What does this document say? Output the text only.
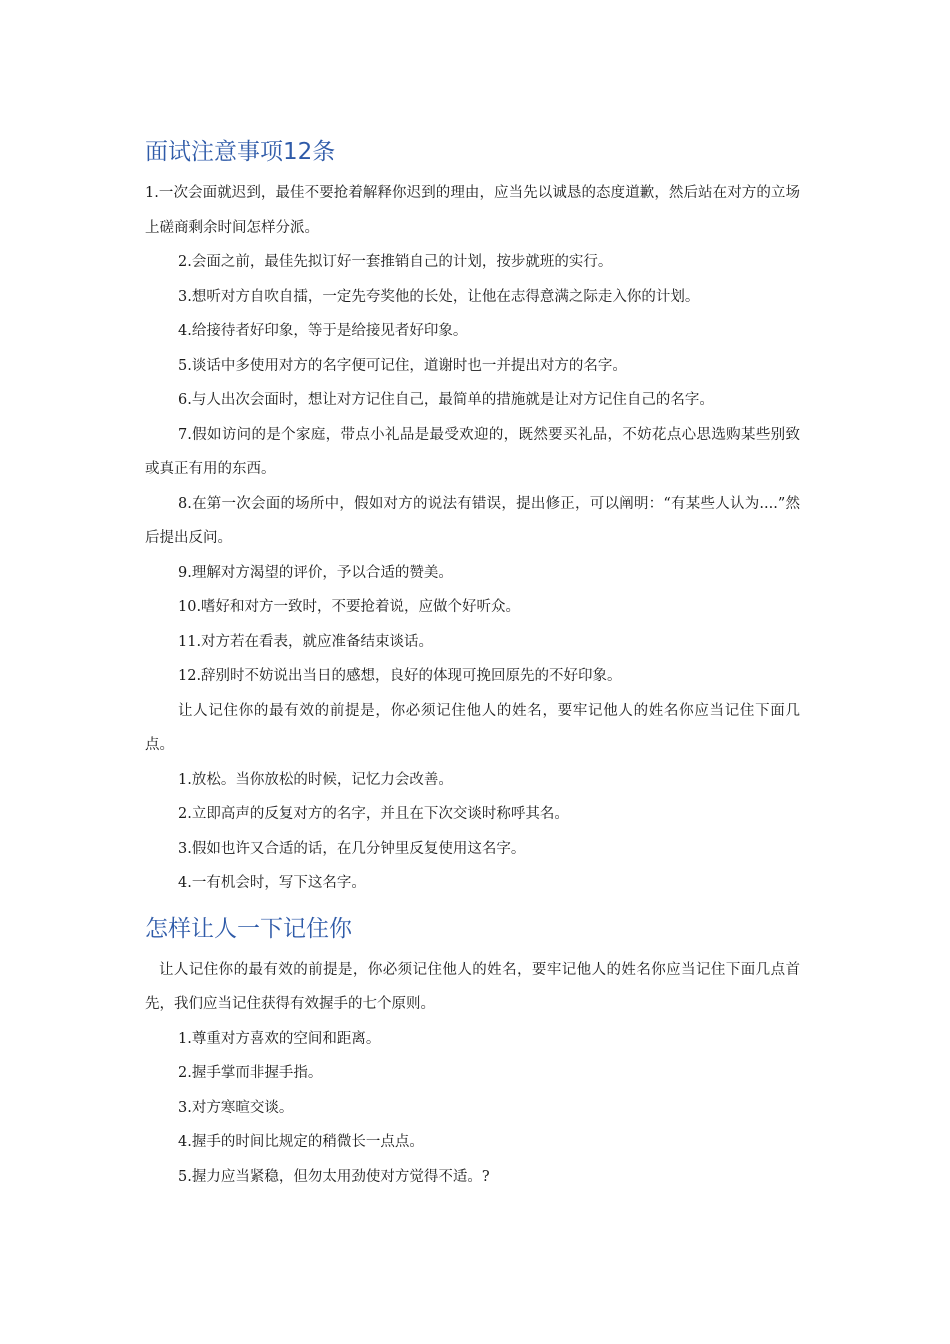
面试注意事项12条

1.一次会面就迟到，最佳不要抢着解释你迟到的理由，应当先以诚恳的态度道歉，然后站在对方的立场上磋商剩余时间怎样分派。

2.会面之前，最佳先拟订好一套推销自己的计划，按步就班的实行。

3.想听对方自吹自擂，一定先夸奖他的长处，让他在志得意满之际走入你的计划。

4.给接待者好印象，等于是给接见者好印象。

5.谈话中多使用对方的名字便可记住，道谢时也一并提出对方的名字。

6.与人出次会面时，想让对方记住自己，最简单的措施就是让对方记住自己的名字。

7.假如访问的是个家庭，带点小礼品是最受欢迎的，既然要买礼品，不妨花点心思选购某些别致或真正有用的东西。

8.在第一次会面的场所中，假如对方的说法有错误，提出修正，可以阐明：“有某些人认为....”然后提出反问。

9.理解对方渴望的评价，予以合适的赞美。

10.嗜好和对方一致时，不要抢着说，应做个好听众。

11.对方若在看表，就应准备结束谈话。

12.辞别时不妨说出当日的感想，良好的体现可挽回原先的不好印象。

让人记住你的最有效的前提是，你必须记住他人的姓名，要牢记他人的姓名你应当记住下面几点。

1.放松。当你放松的时候，记忆力会改善。

2.立即高声的反复对方的名字，并且在下次交谈时称呼其名。

3.假如也许又合适的话，在几分钟里反复使用这名字。

4.一有机会时，写下这名字。

怎样让人一下记住你

让人记住你的最有效的前提是，你必须记住他人的姓名，要牢记他人的姓名你应当记住下面几点首先，我们应当记住获得有效握手的七个原则。

1.尊重对方喜欢的空间和距离。

2.握手掌而非握手指。

3.对方寒暄交谈。

4.握手的时间比规定的稍微长一点点。

5.握力应当紧稳，但勿太用劲使对方觉得不适。?
